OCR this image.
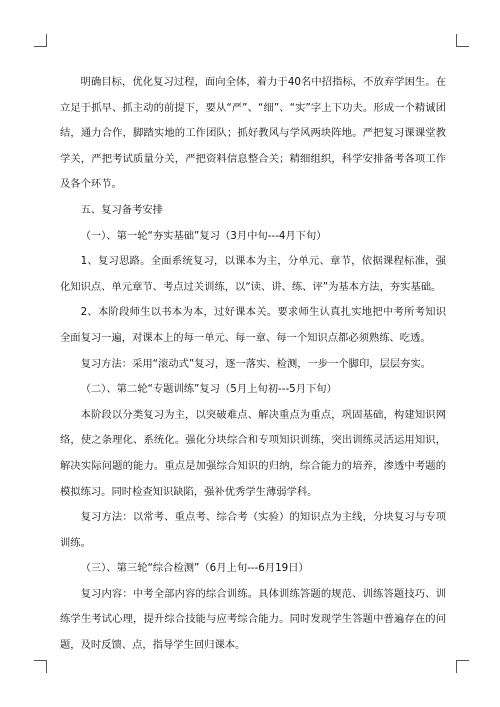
明确目标，优化复习过程，面向全体，着力于40名中招指标，不放弃学困生。在立足于抓早、抓主动的前提下，要从“严”、“细”、“实”字上下功夫。形成一个精诚团结，通力合作，脚踏实地的工作团队；抓好教风与学风两块阵地。严把复习课课堂教学关，严把考试质量分关，严把资料信息整合关；精细组织，科学安排备考各项工作及各个环节。

五、复习备考安排

（一）、第一轮“夯实基础”复习（3月中旬---4月下旬）

1、复习思路。全面系统复习，以课本为主，分单元、章节，依据课程标准，强化知识点、单元章节、考点过关训练，以“读、讲、练、评”为基本方法，夯实基础。

2、本阶段师生以书本为本，过好课本关。要求师生认真扎实地把中考所考知识全面复习一遍，对课本上的每一单元、每一章、每一个知识点都必须熟练、吃透。

复习方法：采用“滚动式”复习，逐一落实、检测，一步一个脚印，层层夯实。

（二）、第二轮“专题训练”复习（5月上旬初---5月下旬）

本阶段以分类复习为主，以突破难点、解决重点为重点，巩固基础，构建知识网络，使之条理化、系统化。强化分块综合和专项知识训练，突出训练灵活运用知识，解决实际问题的能力。重点是加强综合知识的归纳，综合能力的培养，渗透中考题的模拟练习。同时检查知识缺陷，强补优秀学生薄弱学科。

复习方法：以常考、重点考、综合考（实验）的知识点为主线，分块复习与专项训练。

（三）、第三轮“综合检测”（6月上旬---6月19日）

复习内容：中考全部内容的综合训练。具体训练答题的规范、训练答题技巧、训练学生考试心理，提升综合技能与应考综合能力。同时发现学生答题中普遍存在的问题，及时反馈、点，指导学生回归课本。
